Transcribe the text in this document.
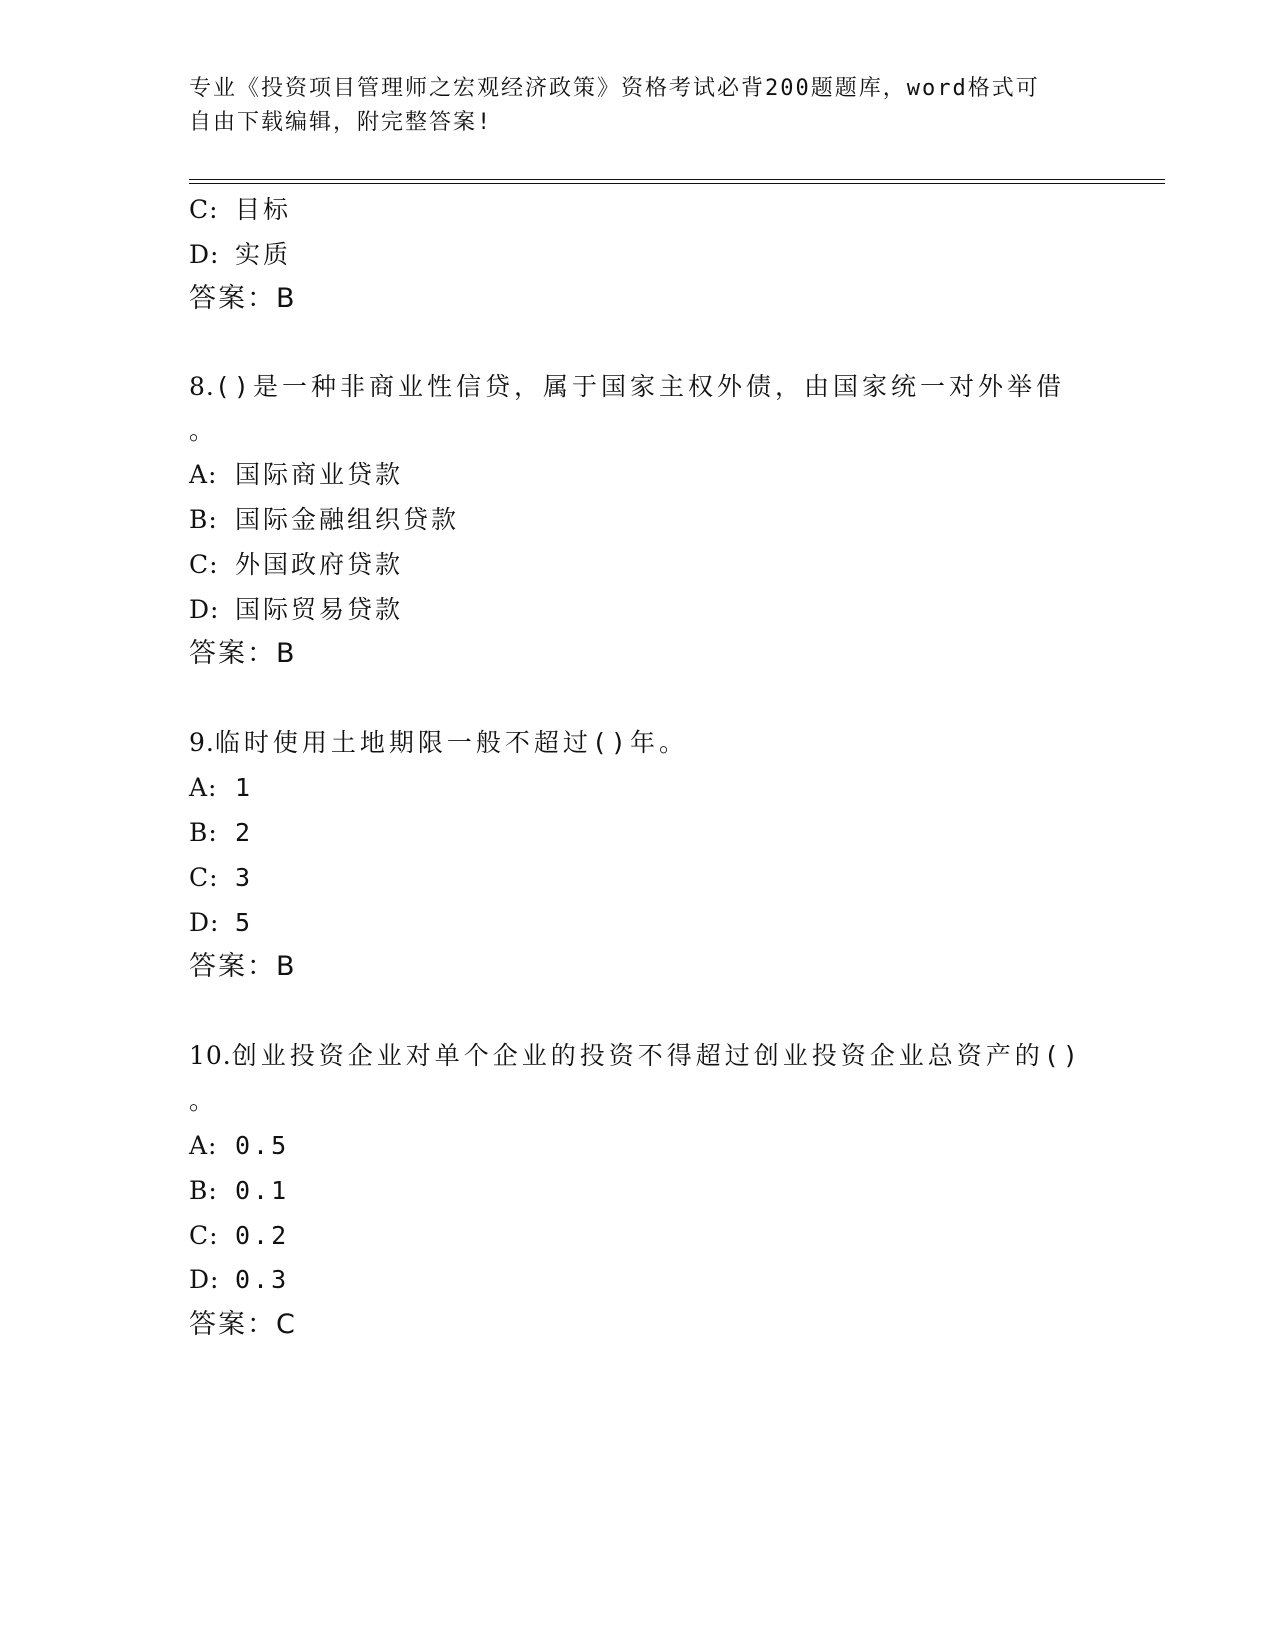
专业《投资项目管理师之宏观经济政策》资格考试必背200题题库，word格式可
自由下载编辑，附完整答案!
C: 目标
D: 实质
答案：B
8.()是一种非商业性信贷，属于国家主权外债，由国家统一对外举借
。
A: 国际商业贷款
B: 国际金融组织贷款
C: 外国政府贷款
D: 国际贸易贷款
答案：B
9.临时使用土地期限一般不超过()年。
A: 1
B: 2
C: 3
D: 5
答案：B
10.创业投资企业对单个企业的投资不得超过创业投资企业总资产的()
。
A: 0.5
B: 0.1
C: 0.2
D: 0.3
答案：C
